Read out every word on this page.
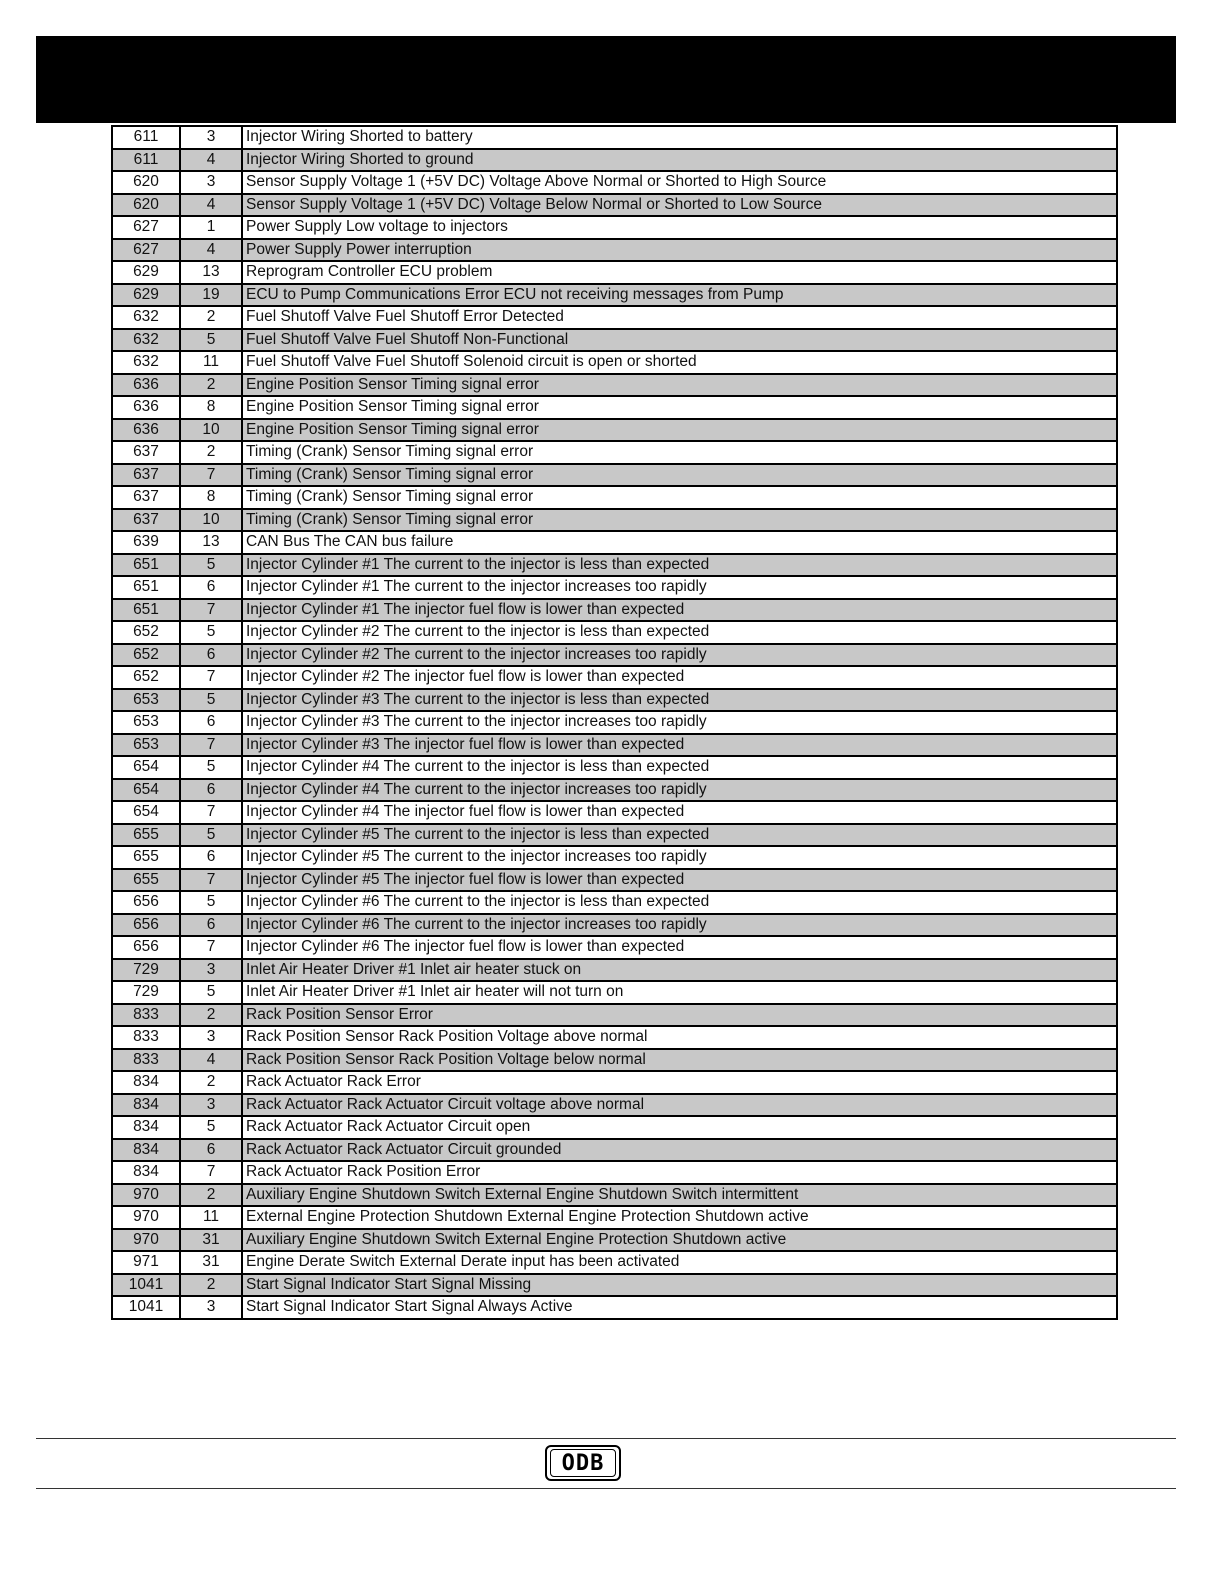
611	3	Injector Wiring Shorted to battery
611	4	Injector Wiring Shorted to ground
620	3	Sensor Supply Voltage 1 (+5V DC) Voltage Above Normal or Shorted to High Source
620	4	Sensor Supply Voltage 1 (+5V DC) Voltage Below Normal or Shorted to Low Source
627	1	Power Supply Low voltage to injectors
627	4	Power Supply Power interruption
629	13	Reprogram Controller ECU problem
629	19	ECU to Pump Communications Error ECU not receiving messages from Pump
632	2	Fuel Shutoff Valve Fuel Shutoff Error Detected
632	5	Fuel Shutoff Valve Fuel Shutoff Non-Functional
632	11	Fuel Shutoff Valve Fuel Shutoff Solenoid circuit is open or shorted
636	2	Engine Position Sensor Timing signal error
636	8	Engine Position Sensor Timing signal error
636	10	Engine Position Sensor Timing signal error
637	2	Timing (Crank) Sensor Timing signal error
637	7	Timing (Crank) Sensor Timing signal error
637	8	Timing (Crank) Sensor Timing signal error
637	10	Timing (Crank) Sensor Timing signal error
639	13	CAN Bus The CAN bus failure
651	5	Injector Cylinder #1 The current to the injector is less than expected
651	6	Injector Cylinder #1 The current to the injector increases too rapidly
651	7	Injector Cylinder #1 The injector fuel flow is lower than expected
652	5	Injector Cylinder #2 The current to the injector is less than expected
652	6	Injector Cylinder #2 The current to the injector increases too rapidly
652	7	Injector Cylinder #2 The injector fuel flow is lower than expected
653	5	Injector Cylinder #3 The current to the injector is less than expected
653	6	Injector Cylinder #3 The current to the injector increases too rapidly
653	7	Injector Cylinder #3 The injector fuel flow is lower than expected
654	5	Injector Cylinder #4 The current to the injector is less than expected
654	6	Injector Cylinder #4 The current to the injector increases too rapidly
654	7	Injector Cylinder #4 The injector fuel flow is lower than expected
655	5	Injector Cylinder #5 The current to the injector is less than expected
655	6	Injector Cylinder #5 The current to the injector increases too rapidly
655	7	Injector Cylinder #5 The injector fuel flow is lower than expected
656	5	Injector Cylinder #6 The current to the injector is less than expected
656	6	Injector Cylinder #6 The current to the injector increases too rapidly
656	7	Injector Cylinder #6 The injector fuel flow is lower than expected
729	3	Inlet Air Heater Driver #1 Inlet air heater stuck on
729	5	Inlet Air Heater Driver #1 Inlet air heater will not turn on
833	2	Rack Position Sensor Error
833	3	Rack Position Sensor Rack Position Voltage above normal
833	4	Rack Position Sensor Rack Position Voltage below normal
834	2	Rack Actuator Rack Error
834	3	Rack Actuator Rack Actuator Circuit voltage above normal
834	5	Rack Actuator Rack Actuator Circuit open
834	6	Rack Actuator Rack Actuator Circuit grounded
834	7	Rack Actuator Rack Position Error
970	2	Auxiliary Engine Shutdown Switch External Engine Shutdown Switch intermittent
970	11	External Engine Protection Shutdown External Engine Protection Shutdown active
970	31	Auxiliary Engine Shutdown Switch External Engine Protection Shutdown active
971	31	Engine Derate Switch External Derate input has been activated
1041	2	Start Signal Indicator Start Signal Missing
1041	3	Start Signal Indicator Start Signal Always Active
ODB
